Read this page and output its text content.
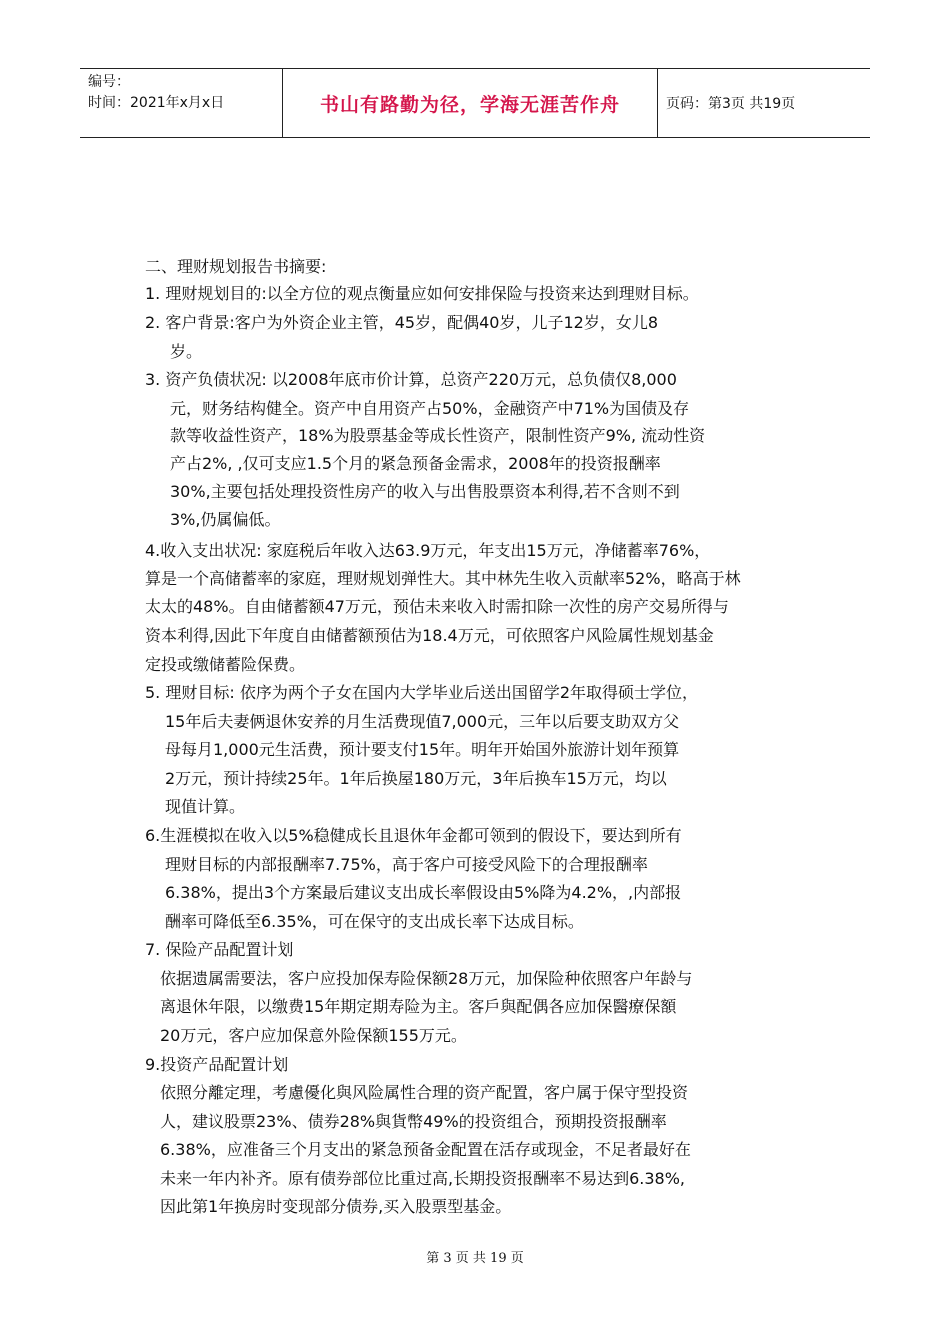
编号：
时间：2021年x月x日	书山有路勤为径，学海无涯苦作舟	页码：第3页 共19页
二、理财规划报告书摘要:
1. 理财规划目的:以全方位的观点衡量应如何安排保险与投资来达到理财目标。
2. 客户背景:客户为外资企业主管，45岁，配偶40岁，儿子12岁，女儿8
岁。
3. 资产负债状况: 以2008年底市价计算，总资产220万元，总负债仅8,000
元，财务结构健全。资产中自用资产占50%，金融资产中71%为国债及存
款等收益性资产，18%为股票基金等成长性资产，限制性资产9%, 流动性资
产占2%, ,仅可支应1.5个月的紧急预备金需求，2008年的投资报酬率
30%,主要包括处理投资性房产的收入与出售股票资本利得,若不含则不到
3%,仍属偏低。
4.收入支出状况: 家庭税后年收入达63.9万元，年支出15万元，净储蓄率76%，
算是一个高储蓄率的家庭，理财规划弹性大。其中林先生收入贡献率52%，略高于林
太太的48%。自由储蓄额47万元，预估未来收入时需扣除一次性的房产交易所得与
资本利得,因此下年度自由储蓄额预估为18.4万元，可依照客户风险属性规划基金
定投或缴储蓄险保费。
5. 理财目标: 依序为两个子女在国内大学毕业后送出国留学2年取得硕士学位，
15年后夫妻俩退休安养的月生活费现值7,000元，三年以后要支助双方父
母每月1,000元生活费，预计要支付15年。明年开始国外旅游计划年预算
2万元，预计持续25年。1年后换屋180万元，3年后换车15万元，均以
现值计算。
6.生涯模拟在收入以5%稳健成长且退休年金都可领到的假设下，要达到所有
理财目标的内部报酬率7.75%，高于客户可接受风险下的合理报酬率
6.38%，提出3个方案最后建议支出成长率假设由5%降为4.2%，,内部报
酬率可降低至6.35%，可在保守的支出成长率下达成目标。
7. 保险产品配置计划
依据遗属需要法，客户应投加保寿险保额28万元，加保险种依照客户年龄与
离退休年限，以缴费15年期定期寿险为主。客戶與配偶各应加保醫療保額
20万元，客户应加保意外险保额155万元。
9.投资产品配置计划
依照分離定理，考慮優化與风险属性合理的资产配置，客户属于保守型投资
人，建议股票23%、债券28%與貨幣49%的投资组合，预期投资报酬率
6.38%，应准备三个月支出的紧急预备金配置在活存或现金，不足者最好在
未来一年内补齐。原有债券部位比重过高,长期投资报酬率不易达到6.38%,
因此第1年换房时变现部分债券,买入股票型基金。
第 3 页 共 19 页
